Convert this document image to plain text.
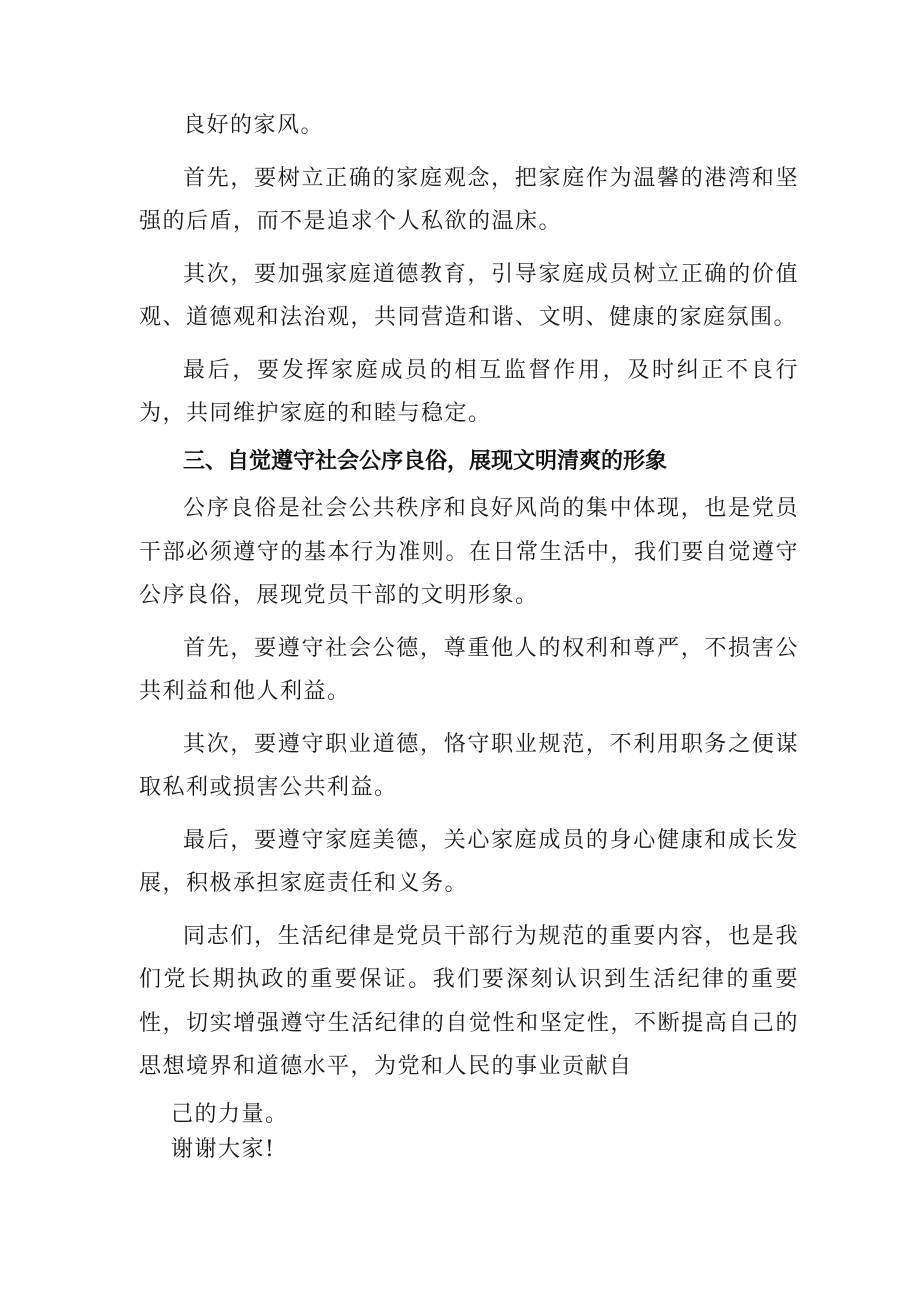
良好的家风。

首先，要树立正确的家庭观念，把家庭作为温馨的港湾和坚强的后盾，而不是追求个人私欲的温床。

其次，要加强家庭道德教育，引导家庭成员树立正确的价值观、道德观和法治观，共同营造和谐、文明、健康的家庭氛围。

最后，要发挥家庭成员的相互监督作用，及时纠正不良行为，共同维护家庭的和睦与稳定。

三、自觉遵守社会公序良俗，展现文明清爽的形象

公序良俗是社会公共秩序和良好风尚的集中体现，也是党员干部必须遵守的基本行为准则。在日常生活中，我们要自觉遵守公序良俗，展现党员干部的文明形象。

首先，要遵守社会公德，尊重他人的权利和尊严，不损害公共利益和他人利益。

其次，要遵守职业道德，恪守职业规范，不利用职务之便谋取私利或损害公共利益。

最后，要遵守家庭美德，关心家庭成员的身心健康和成长发展，积极承担家庭责任和义务。

同志们，生活纪律是党员干部行为规范的重要内容，也是我们党长期执政的重要保证。我们要深刻认识到生活纪律的重要性，切实增强遵守生活纪律的自觉性和坚定性，不断提高自己的思想境界和道德水平，为党和人民的事业贡献自

己的力量。

谢谢大家!
